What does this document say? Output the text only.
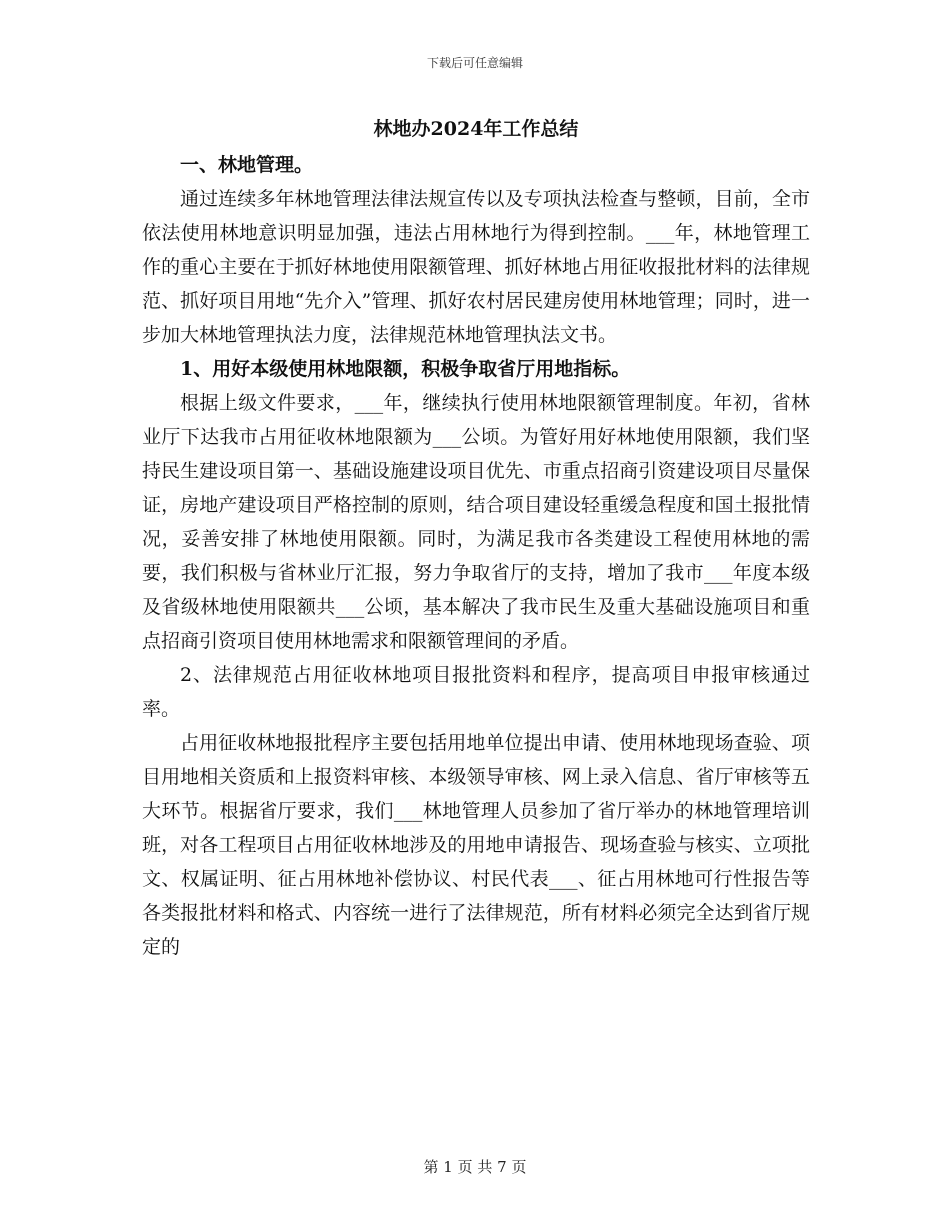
下载后可任意编辑
林地办2024年工作总结

一、林地管理。

通过连续多年林地管理法律法规宣传以及专项执法检查与整顿，目前，全市依法使用林地意识明显加强，违法占用林地行为得到控制。___年，林地管理工作的重心主要在于抓好林地使用限额管理、抓好林地占用征收报批材料的法律规范、抓好项目用地“先介入”管理、抓好农村居民建房使用林地管理；同时，进一步加大林地管理执法力度，法律规范林地管理执法文书。

1、用好本级使用林地限额，积极争取省厅用地指标。

根据上级文件要求，___年，继续执行使用林地限额管理制度。年初，省林业厅下达我市占用征收林地限额为___公顷。为管好用好林地使用限额，我们坚持民生建设项目第一、基础设施建设项目优先、市重点招商引资建设项目尽量保证，房地产建设项目严格控制的原则，结合项目建设轻重缓急程度和国土报批情况，妥善安排了林地使用限额。同时，为满足我市各类建设工程使用林地的需要，我们积极与省林业厅汇报，努力争取省厅的支持，增加了我市___年度本级及省级林地使用限额共___公顷，基本解决了我市民生及重大基础设施项目和重点招商引资项目使用林地需求和限额管理间的矛盾。

2、法律规范占用征收林地项目报批资料和程序，提高项目申报审核通过率。

占用征收林地报批程序主要包括用地单位提出申请、使用林地现场查验、项目用地相关资质和上报资料审核、本级领导审核、网上录入信息、省厅审核等五大环节。根据省厅要求，我们___林地管理人员参加了省厅举办的林地管理培训班，对各工程项目占用征收林地涉及的用地申请报告、现场查验与核实、立项批文、权属证明、征占用林地补偿协议、村民代表___、征占用林地可行性报告等各类报批材料和格式、内容统一进行了法律规范，所有材料必须完全达到省厅规定的

第 1 页 共 7 页
